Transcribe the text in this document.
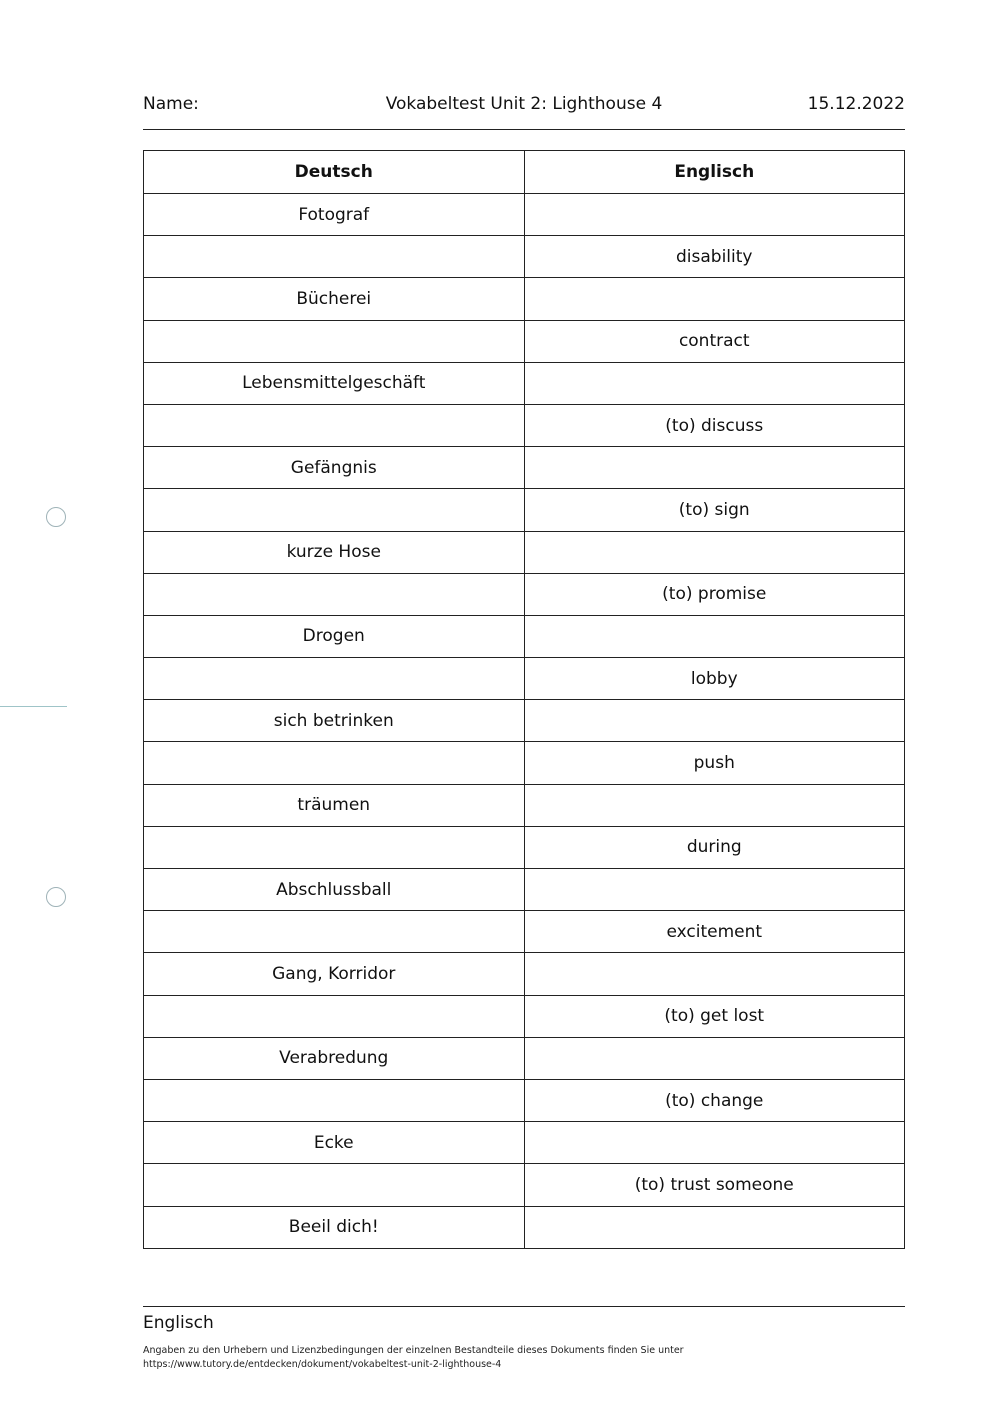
Name:	Vokabeltest Unit 2: Lighthouse 4	15.12.2022
Deutsch	Englisch
Fotograf	
	disability
Bücherei	
	contract
Lebensmittelgeschäft	
	(to) discuss
Gefängnis	
	(to) sign
kurze Hose	
	(to) promise
Drogen	
	lobby
sich betrinken	
	push
träumen	
	during
Abschlussball	
	excitement
Gang, Korridor	
	(to) get lost
Verabredung	
	(to) change
Ecke	
	(to) trust someone
Beeil dich!	
Englisch
Angaben zu den Urhebern und Lizenzbedingungen der einzelnen Bestandteile dieses Dokuments finden Sie unter
https://www.tutory.de/entdecken/dokument/vokabeltest-unit-2-lighthouse-4
